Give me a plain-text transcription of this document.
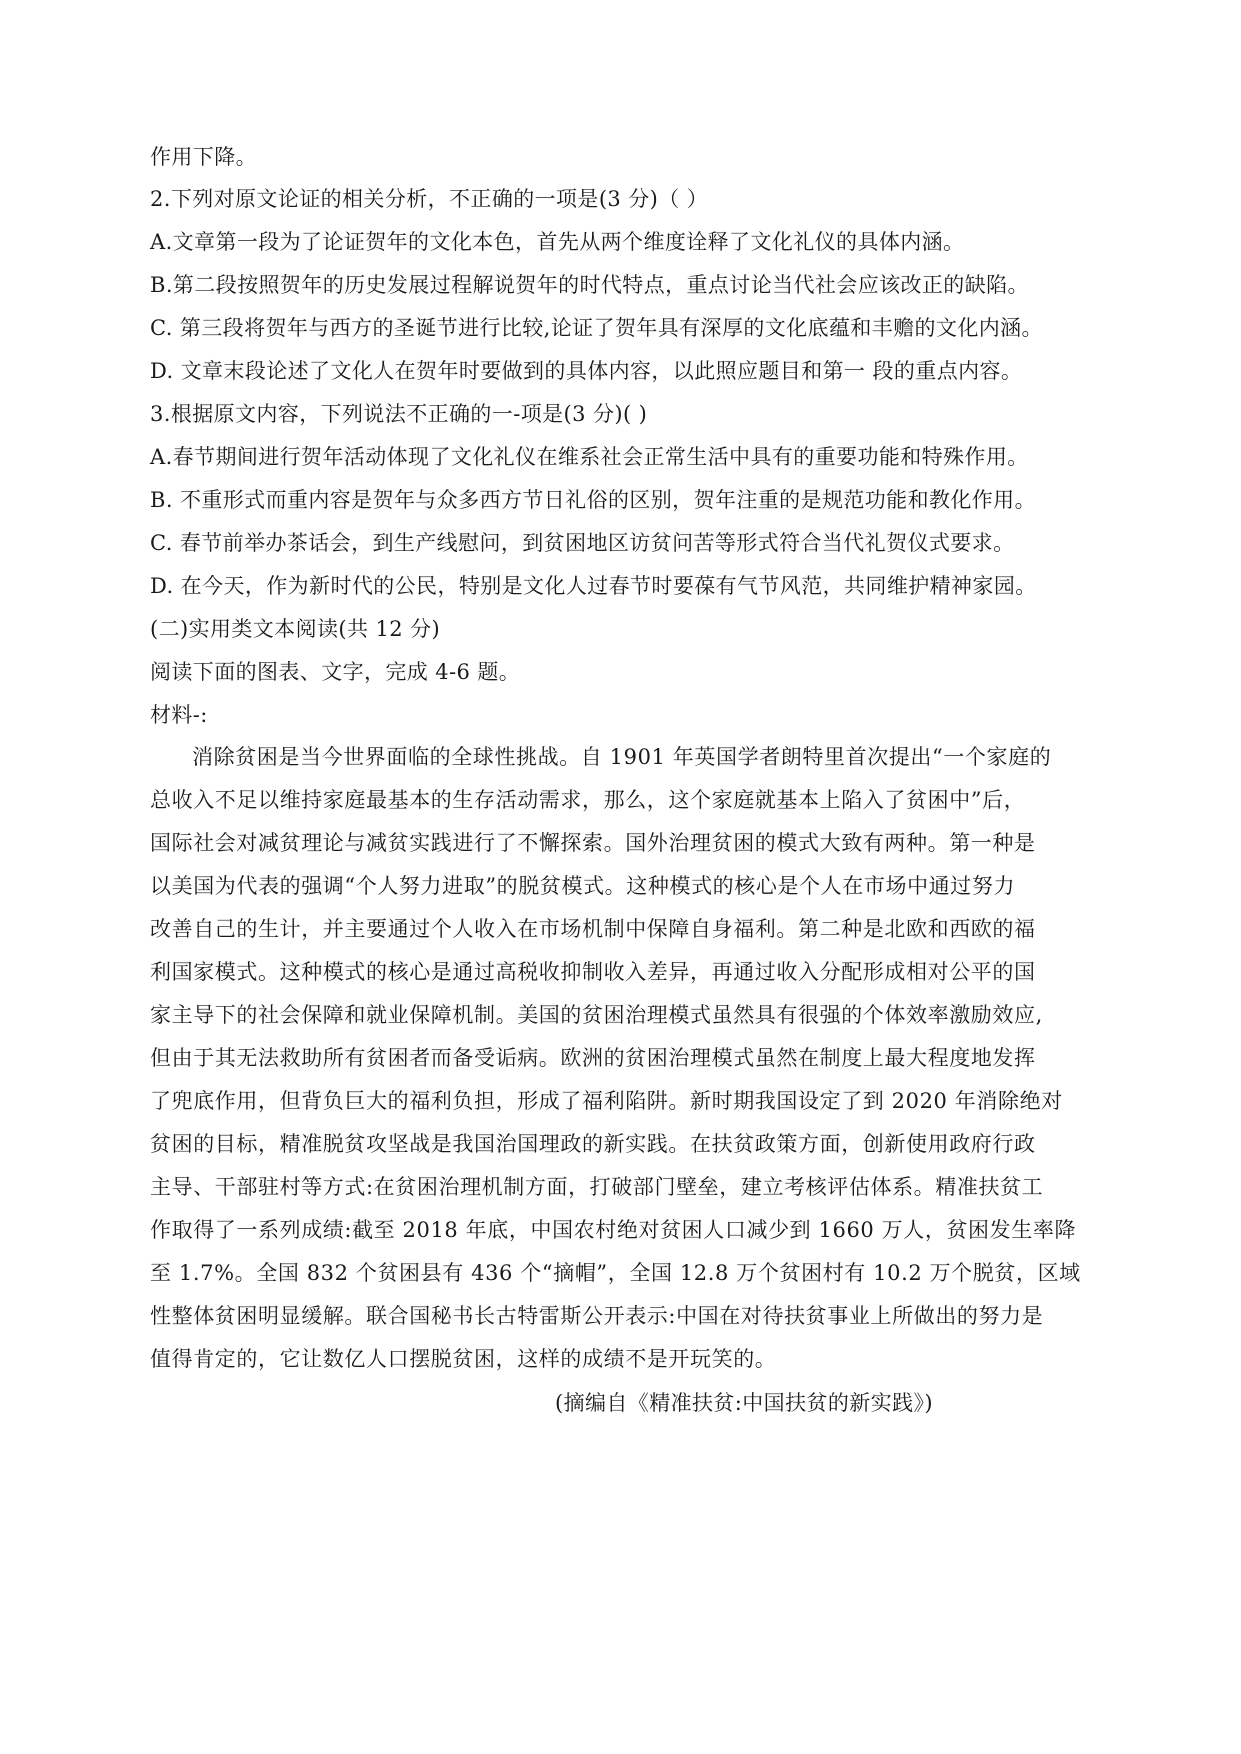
作用下降。
2.下列对原文论证的相关分析，不正确的一项是(3 分)（ ）
A.文章第一段为了论证贺年的文化本色，首先从两个维度诠释了文化礼仪的具体内涵。
B.第二段按照贺年的历史发展过程解说贺年的时代特点，重点讨论当代社会应该改正的缺陷。
C. 第三段将贺年与西方的圣诞节进行比较,论证了贺年具有深厚的文化底蕴和丰赡的文化内涵。
D. 文章末段论述了文化人在贺年时要做到的具体内容，以此照应题目和第一 段的重点内容。
3.根据原文内容，下列说法不正确的一-项是(3 分)( )
A.春节期间进行贺年活动体现了文化礼仪在维系社会正常生活中具有的重要功能和特殊作用。
B. 不重形式而重内容是贺年与众多西方节日礼俗的区别，贺年注重的是规范功能和教化作用。
C. 春节前举办茶话会，到生产线慰问，到贫困地区访贫问苦等形式符合当代礼贺仪式要求。
D. 在今天，作为新时代的公民，特别是文化人过春节时要葆有气节风范，共同维护精神家园。
(二)实用类文本阅读(共 12 分)
阅读下面的图表、文字，完成 4-6 题。
材料-:
消除贫困是当今世界面临的全球性挑战。自 1901 年英国学者朗特里首次提出“一个家庭的
总收入不足以维持家庭最基本的生存活动需求，那么，这个家庭就基本上陷入了贫困中”后，
国际社会对减贫理论与减贫实践进行了不懈探索。国外治理贫困的模式大致有两种。第一种是
以美国为代表的强调“个人努力进取”的脱贫模式。这种模式的核心是个人在市场中通过努力
改善自己的生计，并主要通过个人收入在市场机制中保障自身福利。第二种是北欧和西欧的福
利国家模式。这种模式的核心是通过高税收抑制收入差异，再通过收入分配形成相对公平的国
家主导下的社会保障和就业保障机制。美国的贫困治理模式虽然具有很强的个体效率激励效应,
但由于其无法救助所有贫困者而备受诟病。欧洲的贫困治理模式虽然在制度上最大程度地发挥
了兜底作用，但背负巨大的福利负担，形成了福利陷阱。新时期我国设定了到 2020 年消除绝对
贫困的目标，精准脱贫攻坚战是我国治国理政的新实践。在扶贫政策方面，创新使用政府行政
主导、干部驻村等方式:在贫困治理机制方面，打破部门壁垒，建立考核评估体系。精准扶贫工
作取得了一系列成绩:截至 2018 年底，中国农村绝对贫困人口减少到 1660 万人，贫困发生率降
至 1.7%。全国 832 个贫困县有 436 个“摘帽”，全国 12.8 万个贫困村有 10.2 万个脱贫，区域
性整体贫困明显缓解。联合国秘书长古特雷斯公开表示:中国在对待扶贫事业上所做出的努力是
值得肯定的，它让数亿人口摆脱贫困，这样的成绩不是开玩笑的。
(摘编自《精准扶贫:中国扶贫的新实践》)
